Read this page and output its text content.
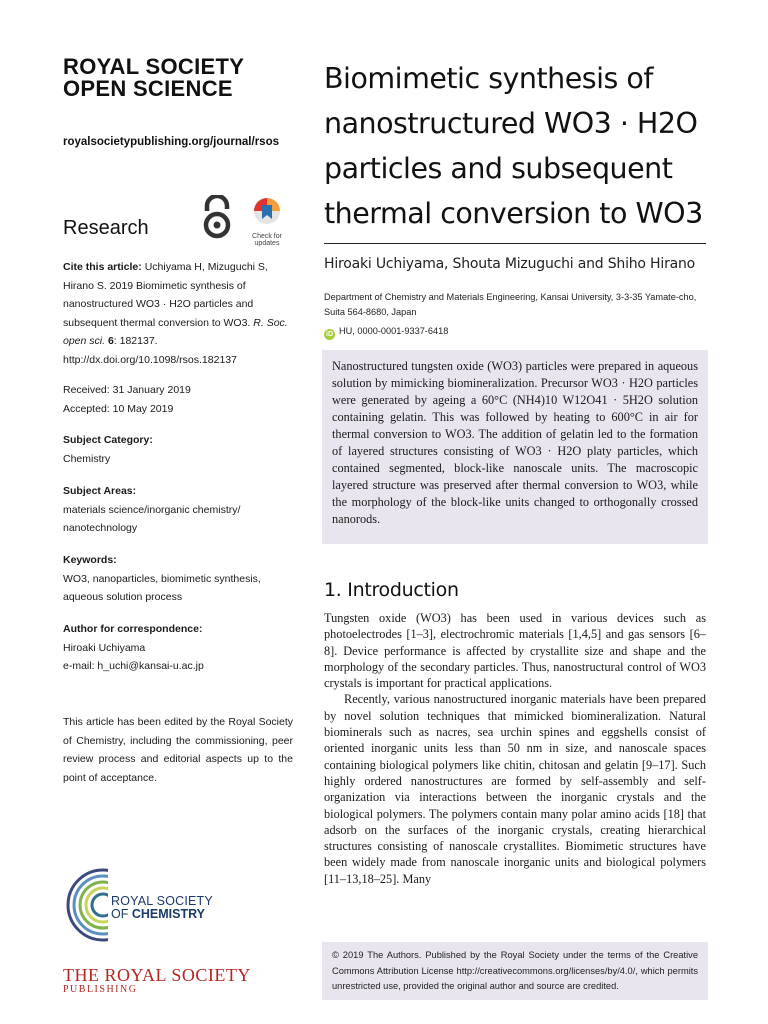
ROYAL SOCIETY
OPEN SCIENCE
royalsocietypublishing.org/journal/rsos
Research	Check for updates
Cite this article: Uchiyama H, Mizuguchi S, Hirano S. 2019 Biomimetic synthesis of nanostructured WO3 · H2O particles and subsequent thermal conversion to WO3. R. Soc. open sci. 6: 182137. http://dx.doi.org/10.1098/rsos.182137
Received: 31 January 2019
Accepted: 10 May 2019
Subject Category:
Chemistry
Subject Areas:
materials science/inorganic chemistry/ nanotechnology
Keywords:
WO3, nanoparticles, biomimetic synthesis, aqueous solution process
Author for correspondence:
Hiroaki Uchiyama
e-mail: h_uchi@kansai-u.ac.jp
This article has been edited by the Royal Society of Chemistry, including the commissioning, peer review process and editorial aspects up to the point of acceptance.
ROYAL SOCIETY
OF CHEMISTRY
THE ROYAL SOCIETY
PUBLISHING
Biomimetic synthesis of
nanostructured WO3 · H2O
particles and subsequent
thermal conversion to WO3
Hiroaki Uchiyama, Shouta Mizuguchi and Shiho Hirano
Department of Chemistry and Materials Engineering, Kansai University, 3-3-35 Yamate-cho, Suita 564-8680, Japan
iD HU, 0000-0001-9337-6418
Nanostructured tungsten oxide (WO3) particles were prepared in aqueous solution by mimicking biomineralization. Precursor WO3 · H2O particles were generated by ageing a 60°C (NH4)10 W12O41 · 5H2O solution containing gelatin. This was followed by heating to 600°C in air for thermal conversion to WO3. The addition of gelatin led to the formation of layered structures consisting of WO3 · H2O platy particles, which contained segmented, block-like nanoscale units. The macroscopic layered structure was preserved after thermal conversion to WO3, while the morphology of the block-like units changed to orthogonally crossed nanorods.
1. Introduction

Tungsten oxide (WO3) has been used in various devices such as photoelectrodes [1–3], electrochromic materials [1,4,5] and gas sensors [6–8]. Device performance is affected by crystallite size and shape and the morphology of the secondary particles. Thus, nanostructural control of WO3 crystals is important for practical applications.

Recently, various nanostructured inorganic materials have been prepared by novel solution techniques that mimicked biomineralization. Natural biominerals such as nacres, sea urchin spines and eggshells consist of oriented inorganic units less than 50 nm in size, and nanoscale spaces containing biological polymers like chitin, chitosan and gelatin [9–17]. Such highly ordered nanostructures are formed by self-assembly and self-organization via interactions between the inorganic crystals and the biological polymers. The polymers contain many polar amino acids [18] that adsorb on the surfaces of the inorganic crystals, creating hierarchical structures consisting of nanoscale crystallites. Biomimetic structures have been widely made from nanoscale inorganic units and biological polymers [11–13,18–25]. Many

© 2019 The Authors. Published by the Royal Society under the terms of the Creative Commons Attribution License http://creativecommons.org/licenses/by/4.0/, which permits unrestricted use, provided the original author and source are credited.
